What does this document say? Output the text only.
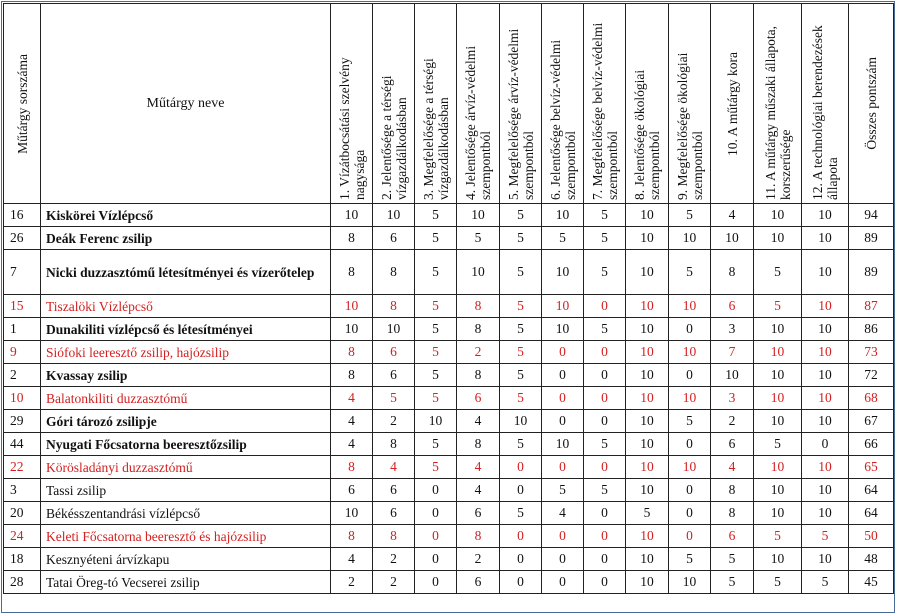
Műtárgy sorszáma	Műtárgy neve	1. Vízátbocsátási szelvény nagysága	2. Jelentősége a térségi vízgazdálkodásban	3. Megfelelősége a térségi vízgazdálkodásban	4. Jelentősége árvíz-védelmi szempontból	5. Megfelelősége árvíz-védelmi szempontból	6. Jelentősége belvíz-védelmi szempontból	7. Megfelelősége belvíz-védelmi szempontból	8. Jelentősége ökológiai szempontból	9. Megfelelősége ökológiai szempontból	10. A műtárgy kora	11. A műtárgy műszaki állapota, korszerűsége	12. A technológiai berendezések állapota	Összes pontszám

16	Kiskörei Vízlépcső	10	10	5	10	5	10	5	10	5	4	10	10	94
26	Deák Ferenc zsilip	8	6	5	5	5	5	5	10	10	10	10	10	89
7	Nicki duzzasztómű létesítményei és vízerőtelep	8	8	5	10	5	10	5	10	5	8	5	10	89
15	Tiszalöki Vízlépcső	10	8	5	8	5	10	0	10	10	6	5	10	87
1	Dunakiliti vízlépcső és létesítményei	10	10	5	8	5	10	5	10	0	3	10	10	86
9	Siófoki leeresztő zsilip, hajózsilip	8	6	5	2	5	0	0	10	10	7	10	10	73
2	Kvassay zsilip	8	6	5	8	5	0	0	10	0	10	10	10	72
10	Balatonkiliti duzzasztómű	4	5	5	6	5	0	0	10	10	3	10	10	68
29	Góri tározó zsilipje	4	2	10	4	10	0	0	10	5	2	10	10	67
44	Nyugati Főcsatorna beeresztőzsilip	4	8	5	8	5	10	5	10	0	6	5	0	66
22	Körösladányi duzzasztómű	8	4	5	4	0	0	0	10	10	4	10	10	65
3	Tassi zsilip	6	6	0	4	0	5	5	10	0	8	10	10	64
20	Békésszentandrási vízlépcső	10	6	0	6	5	4	0	5	0	8	10	10	64
24	Keleti Főcsatorna beeresztő és hajózsilip	8	8	0	8	0	0	0	10	0	6	5	5	50
18	Kesznyéteni árvízkapu	4	2	0	2	0	0	0	10	5	5	10	10	48
28	Tatai Öreg-tó Vecserei zsilip	2	2	0	6	0	0	0	10	10	5	5	5	45
